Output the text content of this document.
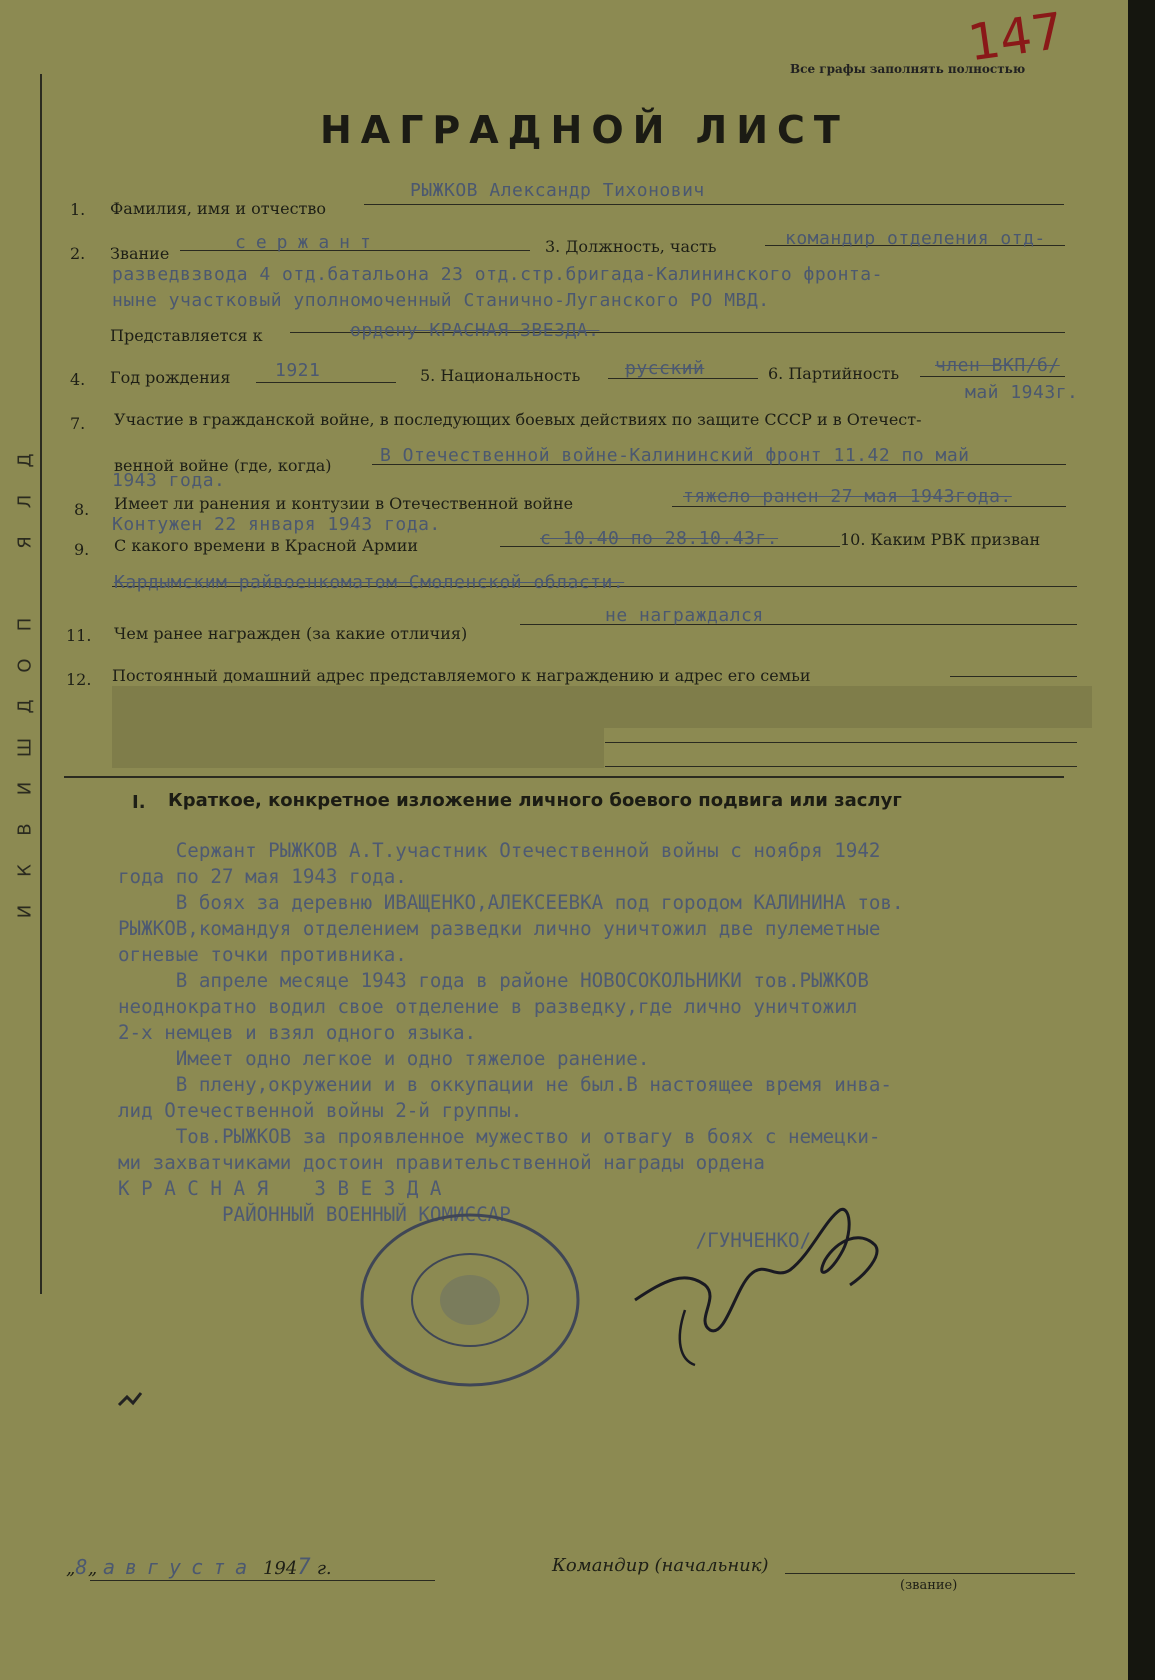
Д
Л
Я

П
О
Д
Ш
И
В
К
И
Все графы заполнять полностью
147
НАГРАДНОЙ ЛИСТ
1. Фамилия, имя и отчество
РЫЖКОВ Александр Тихонович
2. Звание
сержант	3. Должность, часть	командир отделения отд-
разведвзвода 4 отд.батальона 23 отд.стр.бригада-Калининского фронта-
ныне участковый уполномоченный Станично-Луганского РО МВД.
Представляется к	ордену КРАСНАЯ ЗВЕЗДА.
4. Год рождения 1921	5. Национальность русский	6. Партийность член ВКП/б/
май 1943г.
7. Участие в гражданской войне, в последующих боевых действиях по защите СССР и в Отечест-
венной войне (где, когда)	В Отечественной войне-Калининский фронт 11.42 по май
1943 года.
8. Имеет ли ранения и контузии в Отечественной войне	тяжело ранен 27 мая 1943года.
Контужен 22 января 1943 года.
9. С какого времени в Красной Армии	с 10.40 по 28.10.43г.	10. Каким РВК призван
Кардымским райвоенкоматом Смоленской области.
11. Чем ранее награжден (за какие отличия)
не награждался
12. Постоянный домашний адрес представляемого к награждению и адрес его семьи
I. Краткое, конкретное изложение личного боевого подвига или заслуг
Сержант РЫЖКОВ А.Т.участник Отечественной войны с ноября 1942
года по 27 мая 1943 года.
В боях за деревню ИВАЩЕНКО,АЛЕКСЕЕВКА под городом КАЛИНИНА тов.
РЫЖКОВ,командуя отделением разведки лично уничтожил две пулеметные
огневые точки противника.
В апреле месяце 1943 года в районе НОВОСОКОЛЬНИКИ тов.РЫЖКОВ
неоднократно водил свое отделение в разведку,где лично уничтожил
2-х немцев и взял одного языка.
Имеет одно легкое и одно тяжелое ранение.
В плену,окружении и в оккупации не был.В настоящее время инва-
лид Отечественной войны 2-й группы.
Тов.РЫЖКОВ за проявленное мужество и отвагу в боях с немецки-
ми захватчиками достоин правительственной награды ордена
К Р А С Н А Я    З В Е З Д А
РАЙОННЫЙ ВОЕННЫЙ КОМИССАР
/ГУНЧЕНКО/
„8„ августа 1947 г.	Командир (начальник)
(звание)
